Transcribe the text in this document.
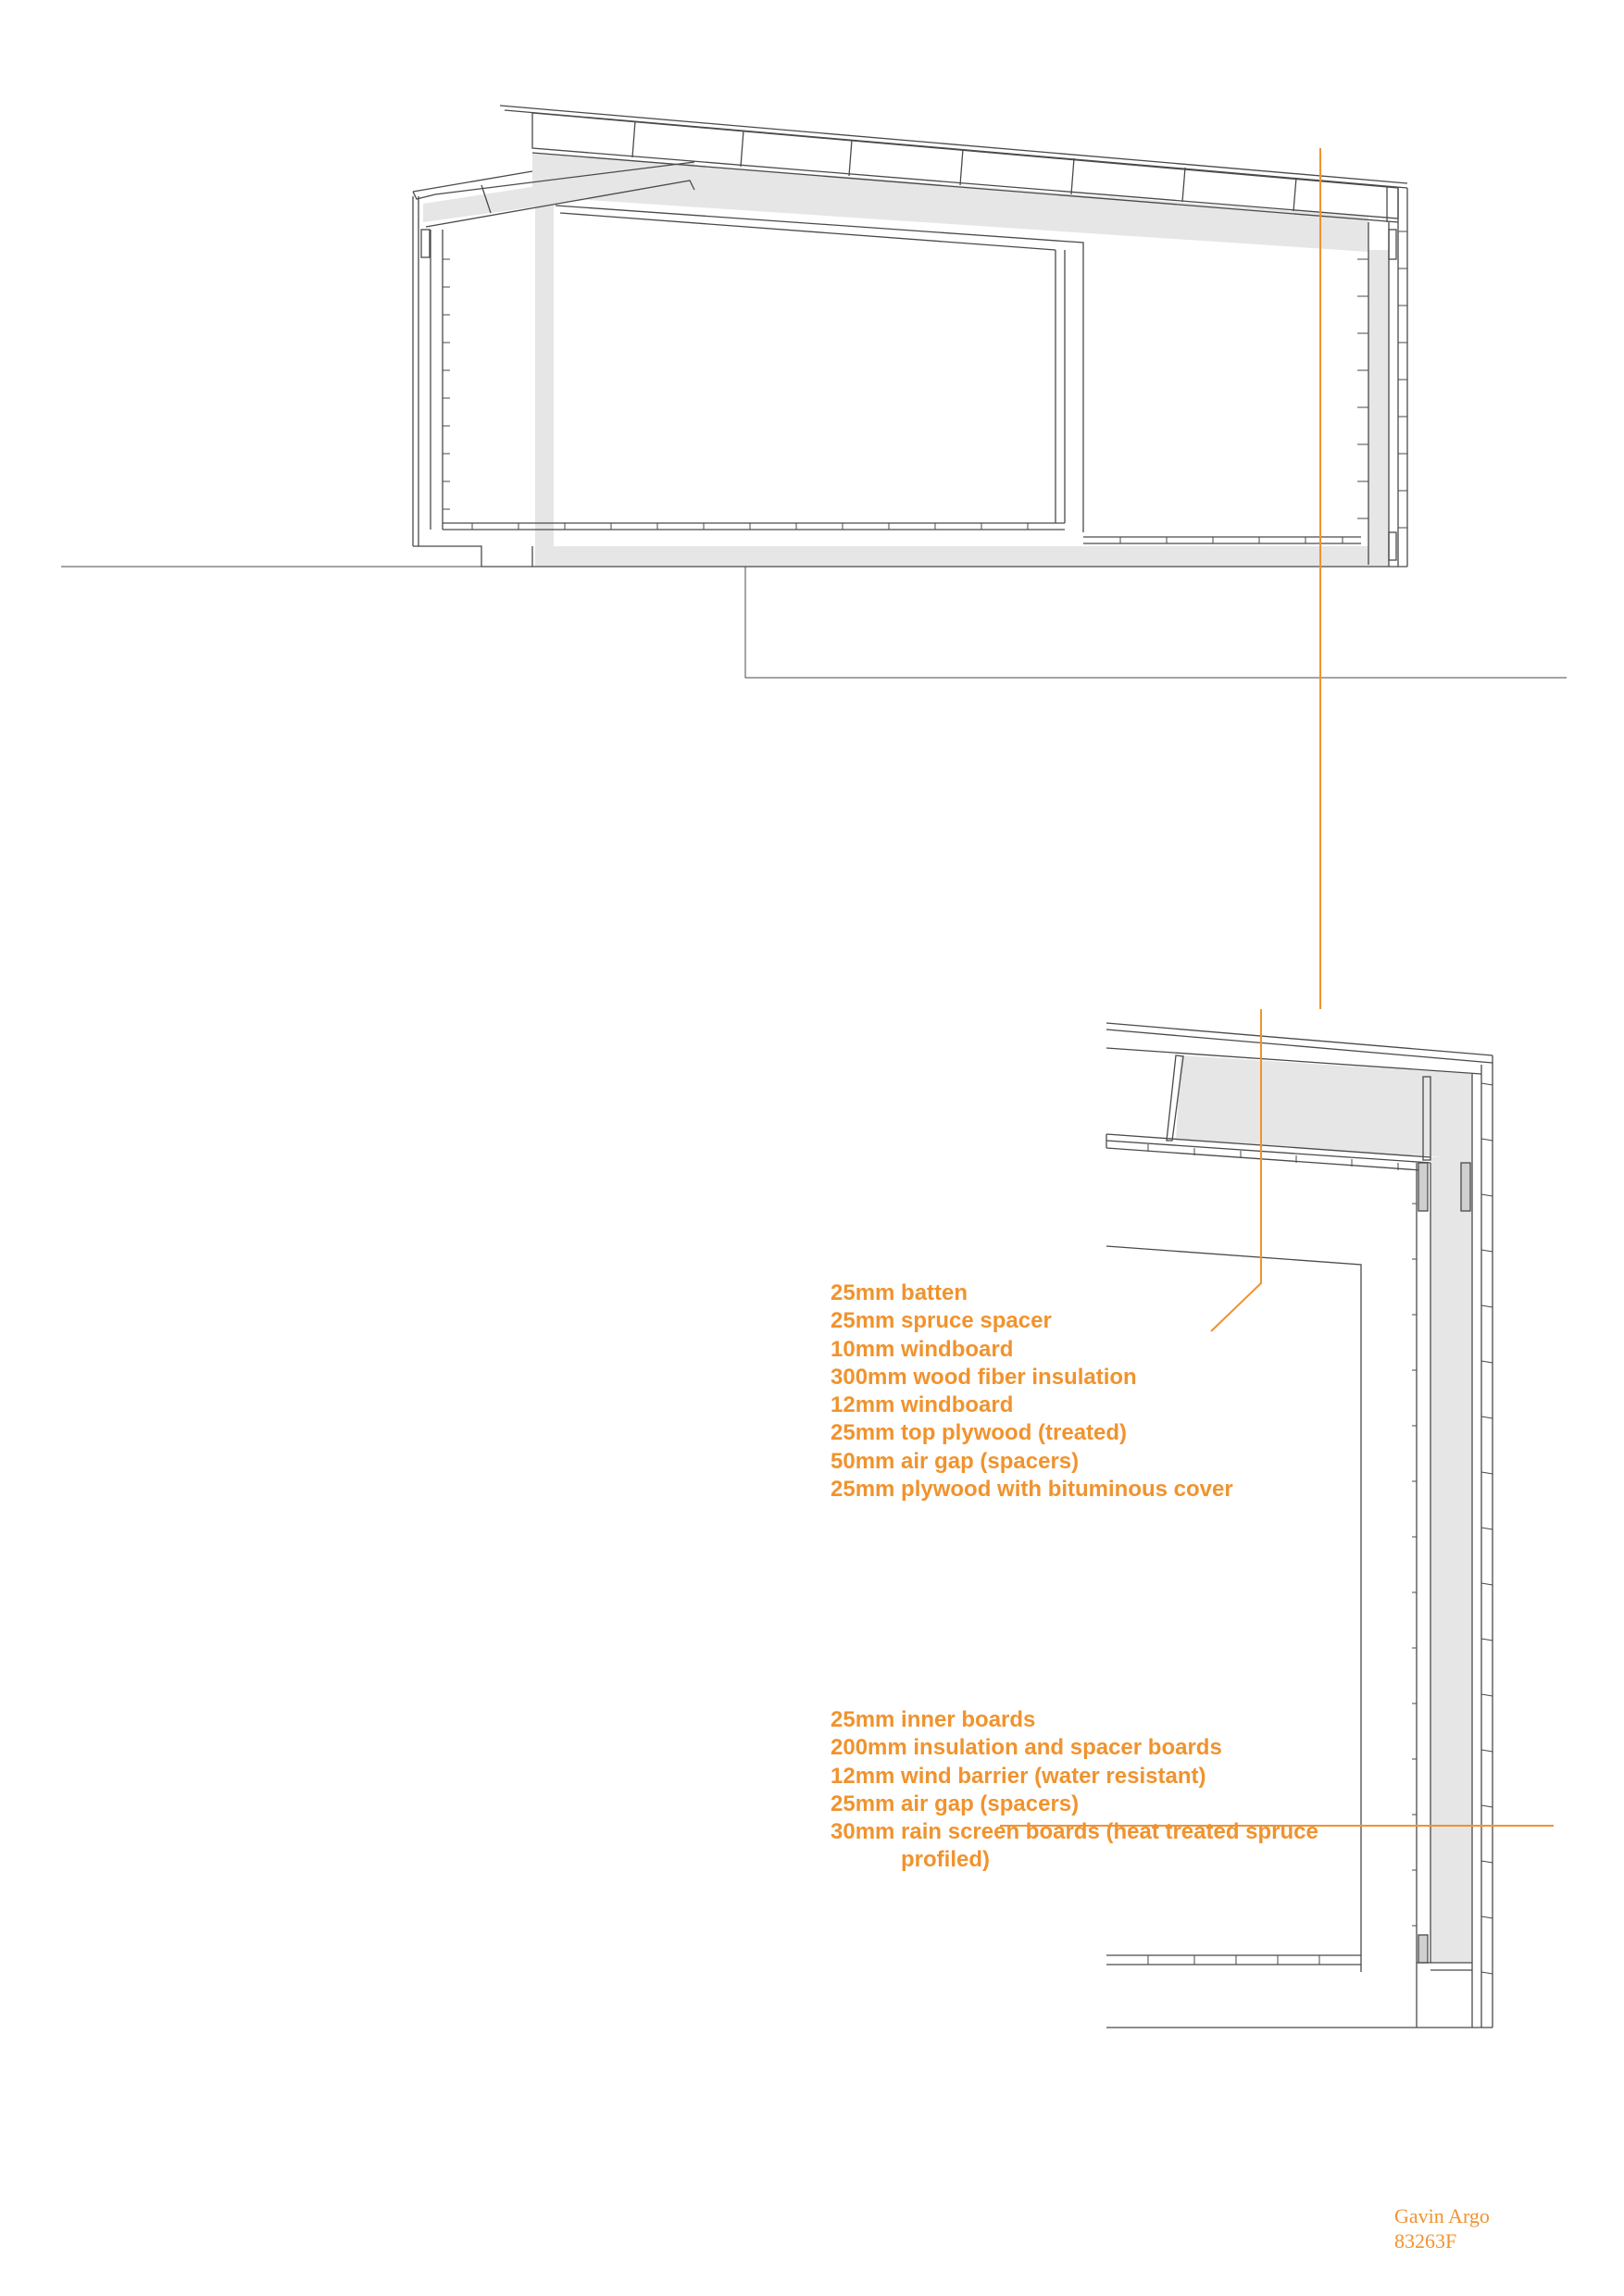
25mm batten
25mm spruce spacer
10mm windboard
300mm wood fiber insulation
12mm windboard
25mm top plywood (treated)
50mm air gap (spacers)
25mm plywood with bituminous cover
25mm inner boards
200mm insulation and spacer boards
12mm wind barrier (water resistant)
25mm air gap (spacers)
30mm rain screen boards (heat treated spruce
profiled)
Gavin Argo
83263F
